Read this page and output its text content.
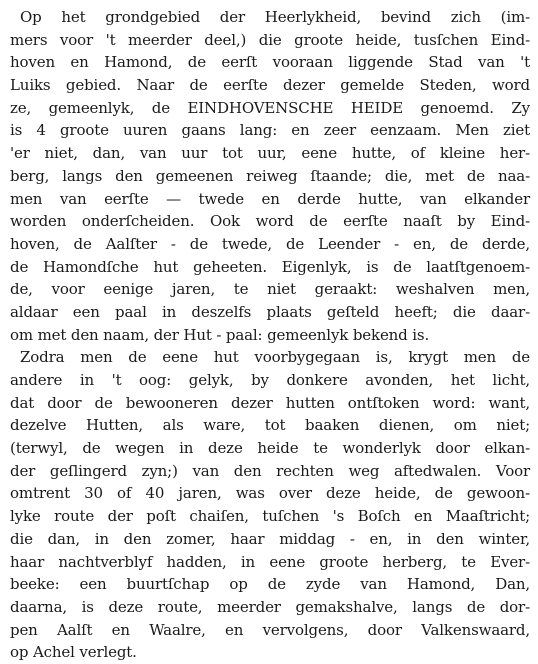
Op het grondgebied der Heerlykheid, bevind zich (im-
mers voor 't meerder deel,) die groote heide, tusſchen Eind-
hoven en Hamond, de eerſt vooraan liggende Stad van 't
Luiks gebied. Naar de eerſte dezer gemelde Steden, word
ze, gemeenlyk, de EINDHOVENSCHE HEIDE genoemd. Zy
is 4 groote uuren gaans lang: en zeer eenzaam. Men ziet
'er niet, dan, van uur tot uur, eene hutte, of kleine her-
berg, langs den gemeenen reiweg ſtaande; die, met de naa-
men van eerſte — twede en derde hutte, van elkander
worden onderſcheiden. Ook word de eerſte naaſt by Eind-
hoven, de Aalſter - de twede, de Leender - en, de derde,
de Hamondſche hut geheeten. Eigenlyk, is de laatſtgenoem-
de, voor eenige jaren, te niet geraakt: weshalven men,
aldaar een paal in deszelfs plaats geſteld heeft; die daar-
om met den naam, der Hut - paal: gemeenlyk bekend is.
Zodra men de eene hut voorbygegaan is, krygt men de
andere in 't oog: gelyk, by donkere avonden, het licht,
dat door de bewooneren dezer hutten ontſtoken word: want,
dezelve Hutten, als ware, tot baaken dienen, om niet;
(terwyl, de wegen in deze heide te wonderlyk door elkan-
der geſlingerd zyn;) van den rechten weg aftedwalen. Voor
omtrent 30 of 40 jaren, was over deze heide, de gewoon-
lyke route der poſt chaiſen, tuſchen 's Boſch en Maaſtricht;
die dan, in den zomer, haar middag - en, in den winter,
haar nachtverblyf hadden, in eene groote herberg, te Ever-
beeke: een buurtſchap op de zyde van Hamond, Dan,
daarna, is deze route, meerder gemakshalve, langs de dor-
pen Aalſt en Waalre, en vervolgens, door Valkenswaard,
op Achel verlegt.
